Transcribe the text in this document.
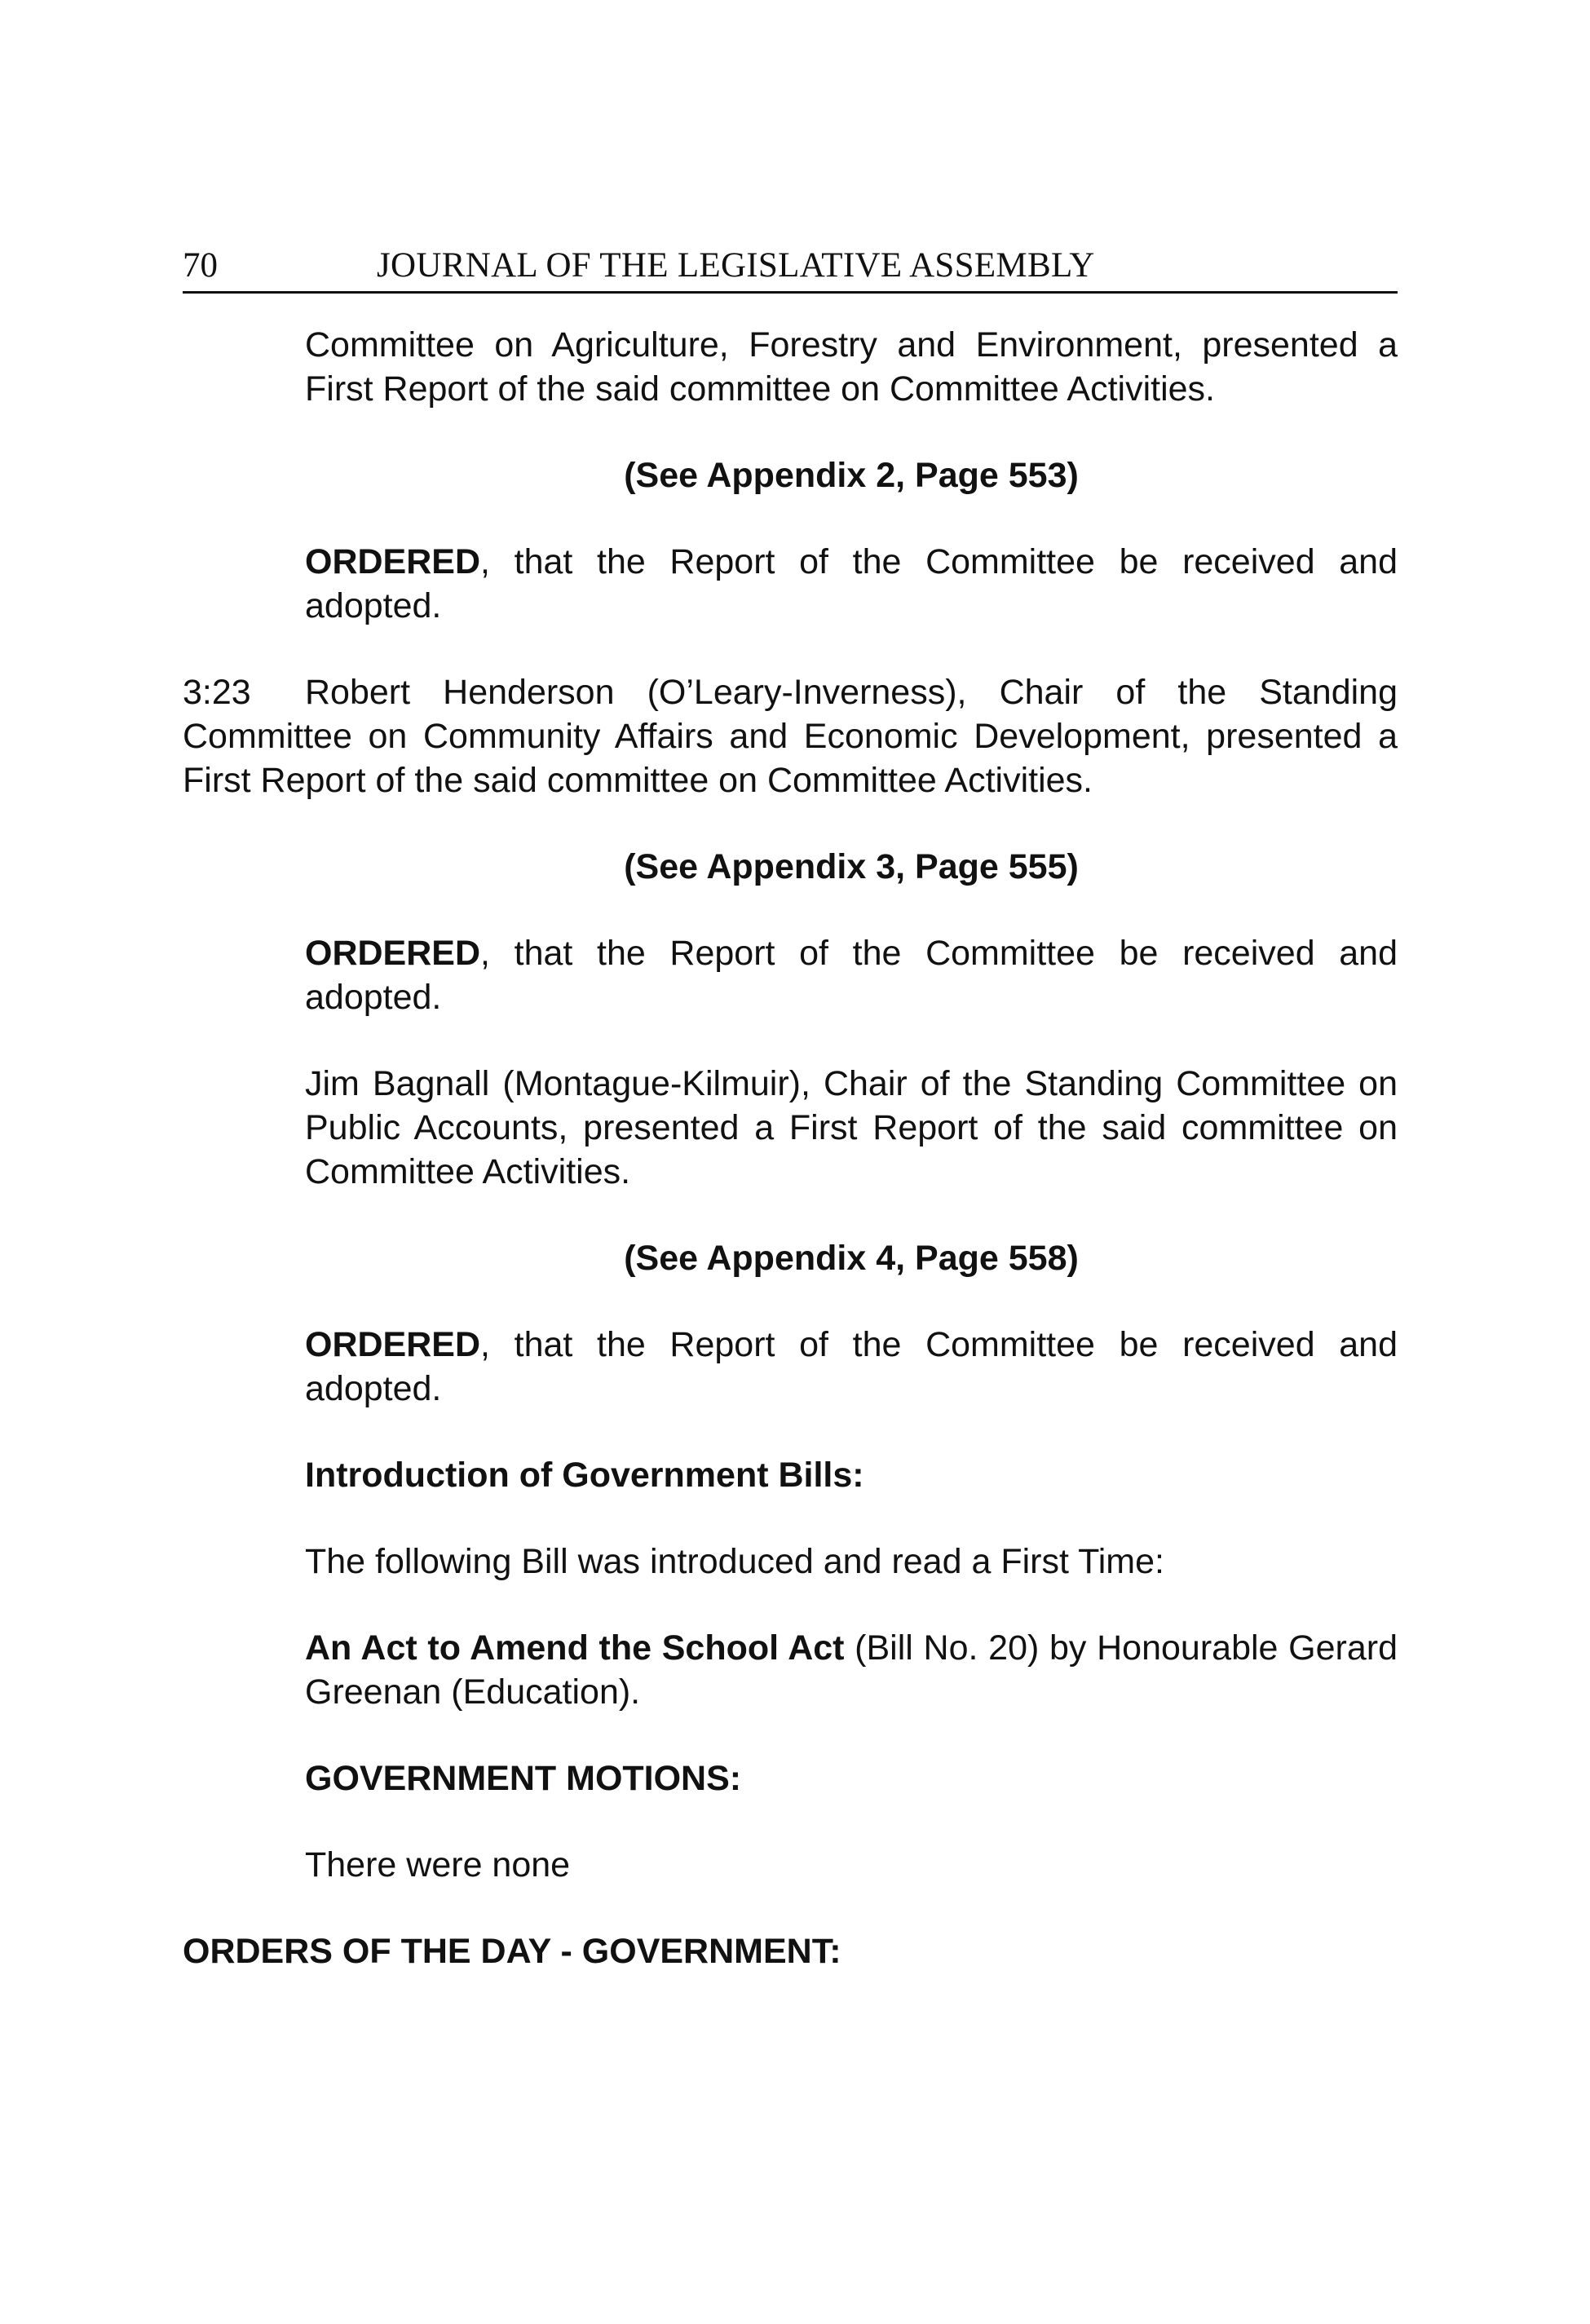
70	JOURNAL OF THE LEGISLATIVE ASSEMBLY

Committee on Agriculture, Forestry and Environment, presented a First Report of the said committee on Committee Activities.

(See Appendix 2, Page 553)

ORDERED, that the Report of the Committee be received and adopted.

3:23 Robert Henderson (O’Leary-Inverness), Chair of the Standing Committee on Community Affairs and Economic Development, presented a First Report of the said committee on Committee Activities.

(See Appendix 3, Page 555)

ORDERED, that the Report of the Committee be received and adopted.

Jim Bagnall (Montague-Kilmuir), Chair of the Standing Committee on Public Accounts, presented a First Report of the said committee on Committee Activities.

(See Appendix 4, Page 558)

ORDERED, that the Report of the Committee be received and adopted.

Introduction of Government Bills:

The following Bill was introduced and read a First Time:

An Act to Amend the School Act (Bill No. 20) by Honourable Gerard Greenan (Education).

GOVERNMENT MOTIONS:

There were none

ORDERS OF THE DAY - GOVERNMENT:
